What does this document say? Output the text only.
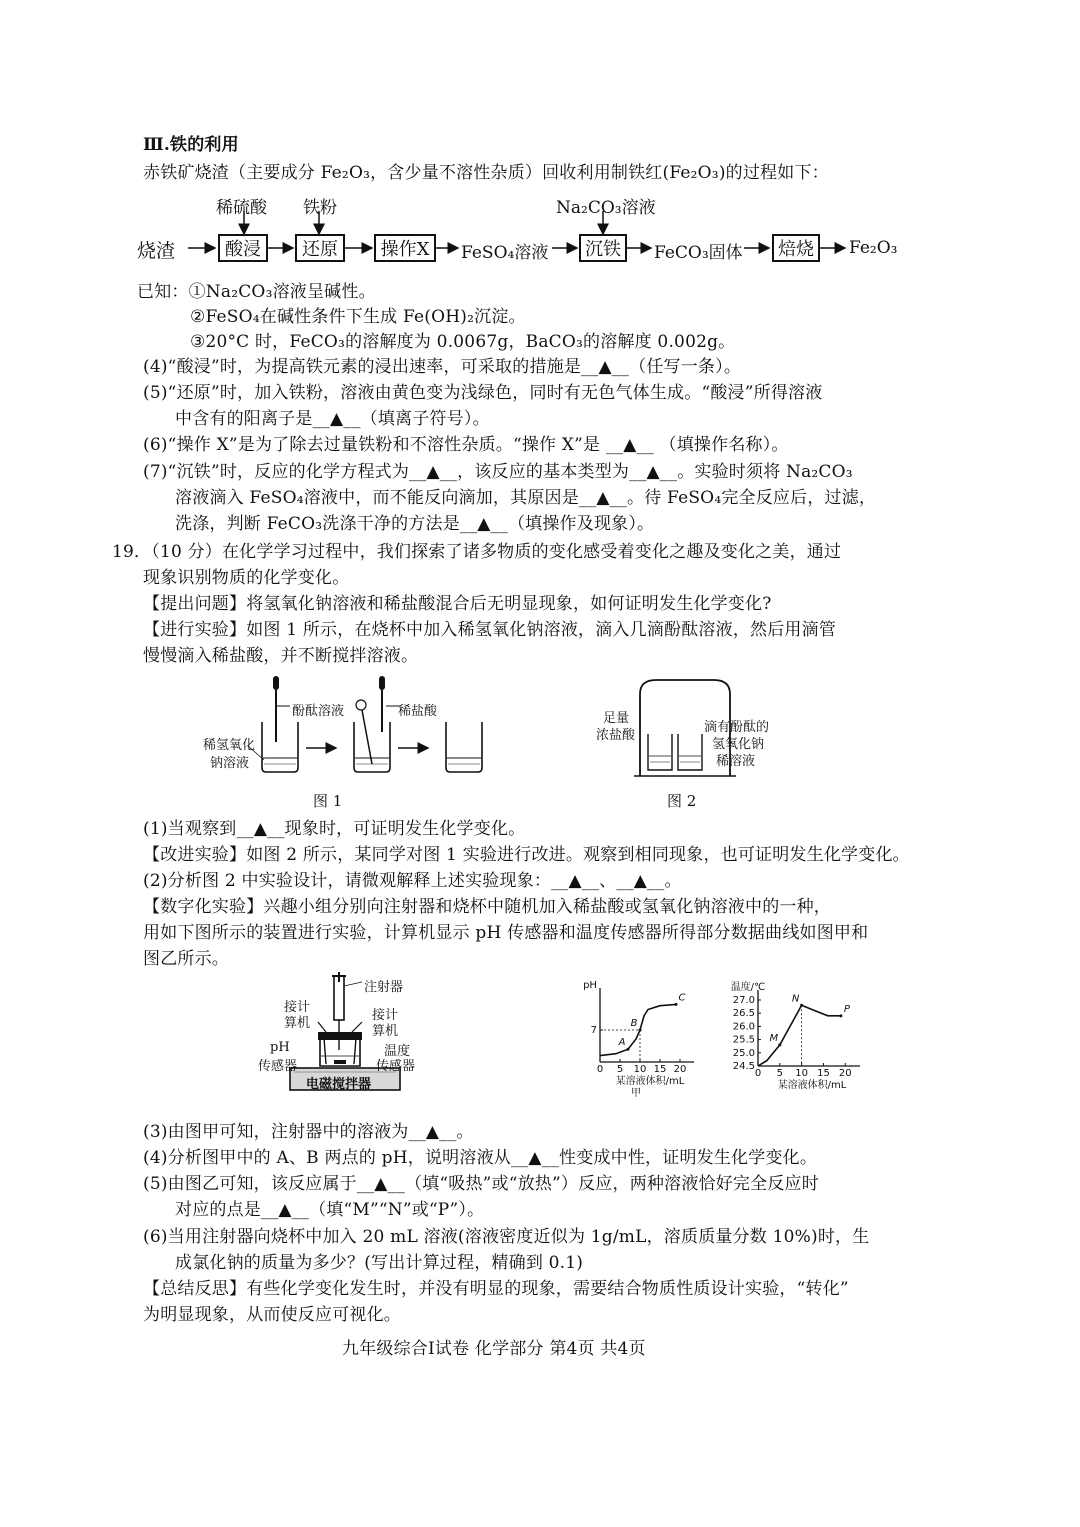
Ⅲ.铁的利用
赤铁矿烧渣（主要成分 Fe₂O₃，含少量不溶性杂质）回收利用制铁红(Fe₂O₃)的过程如下：
稀硫酸 铁粉	Na₂CO₃溶液
烧渣	酸浸	还原	操作X	FeSO₄溶液	沉铁	FeCO₃固体	焙烧	Fe₂O₃
已知：①Na₂CO₃溶液呈碱性。
②FeSO₄在碱性条件下生成 Fe(OH)₂沉淀。
③20°C 时，FeCO₃的溶解度为 0.0067g，BaCO₃的溶解度 0.002g。
(4)“酸浸”时，为提高铁元素的浸出速率，可采取的措施是__▲__（任写一条）。
(5)“还原”时，加入铁粉，溶液由黄色变为浅绿色，同时有无色气体生成。“酸浸”所得溶液
中含有的阳离子是__▲__（填离子符号）。
(6)“操作 X”是为了除去过量铁粉和不溶性杂质。“操作 X”是 __▲__ （填操作名称）。
(7)“沉铁”时，反应的化学方程式为__▲__，该反应的基本类型为__▲__。实验时须将 Na₂CO₃
溶液滴入 FeSO₄溶液中，而不能反向滴加，其原因是__▲__。待 FeSO₄完全反应后，过滤，
洗涤，判断 FeCO₃洗涤干净的方法是__▲__（填操作及现象）。
19．（10 分）在化学学习过程中，我们探索了诸多物质的变化感受着变化之趣及变化之美，通过
现象识别物质的化学变化。
【提出问题】将氢氧化钠溶液和稀盐酸混合后无明显现象，如何证明发生化学变化?
【进行实验】如图 1 所示，在烧杯中加入稀氢氧化钠溶液，滴入几滴酚酞溶液，然后用滴管
慢慢滴入稀盐酸，并不断搅拌溶液。
酚酞溶液	稀盐酸
稀氢氧化
钠溶液
图 1
足量
浓盐酸
滴有酚酞的
氢氧化钠
稀溶液
图 2
(1)当观察到__▲__现象时，可证明发生化学变化。
【改进实验】如图 2 所示，某同学对图 1 实验进行改进。观察到相同现象，也可证明发生化学变化。
(2)分析图 2 中实验设计，请微观解释上述实验现象：__▲__、__▲__。
【数字化实验】兴趣小组分别向注射器和烧杯中随机加入稀盐酸或氢氧化钠溶液中的一种，
用如下图所示的装置进行实验，计算机显示 pH 传感器和温度传感器所得部分数据曲线如图甲和
图乙所示。
注射器
接计
算机
接计
算机
pH
传感器
温度
传感器
电磁搅拌器
0 5 10 15 20
7
A
B
C
pH
某溶液体积/mL
甲
0 5 10 15 20
27.0
26.5
26.0
25.5
25.0
24.5
M
N
P
温度/℃
某溶液体积/mL
(3)由图甲可知，注射器中的溶液为__▲__。
(4)分析图甲中的 A、B 两点的 pH，说明溶液从__▲__性变成中性，证明发生化学变化。
(5)由图乙可知，该反应属于__▲__（填“吸热”或“放热”）反应，两种溶液恰好完全反应时
对应的点是__▲__（填“M”“N”或“P”）。
(6)当用注射器向烧杯中加入 20 mL 溶液(溶液密度近似为 1g/mL，溶质质量分数 10%)时，生
成氯化钠的质量为多少？(写出计算过程，精确到 0.1)
【总结反思】有些化学变化发生时，并没有明显的现象，需要结合物质性质设计实验，“转化”
为明显现象，从而使反应可视化。
九年级综合Ⅰ试卷 化学部分 第4页 共4页
